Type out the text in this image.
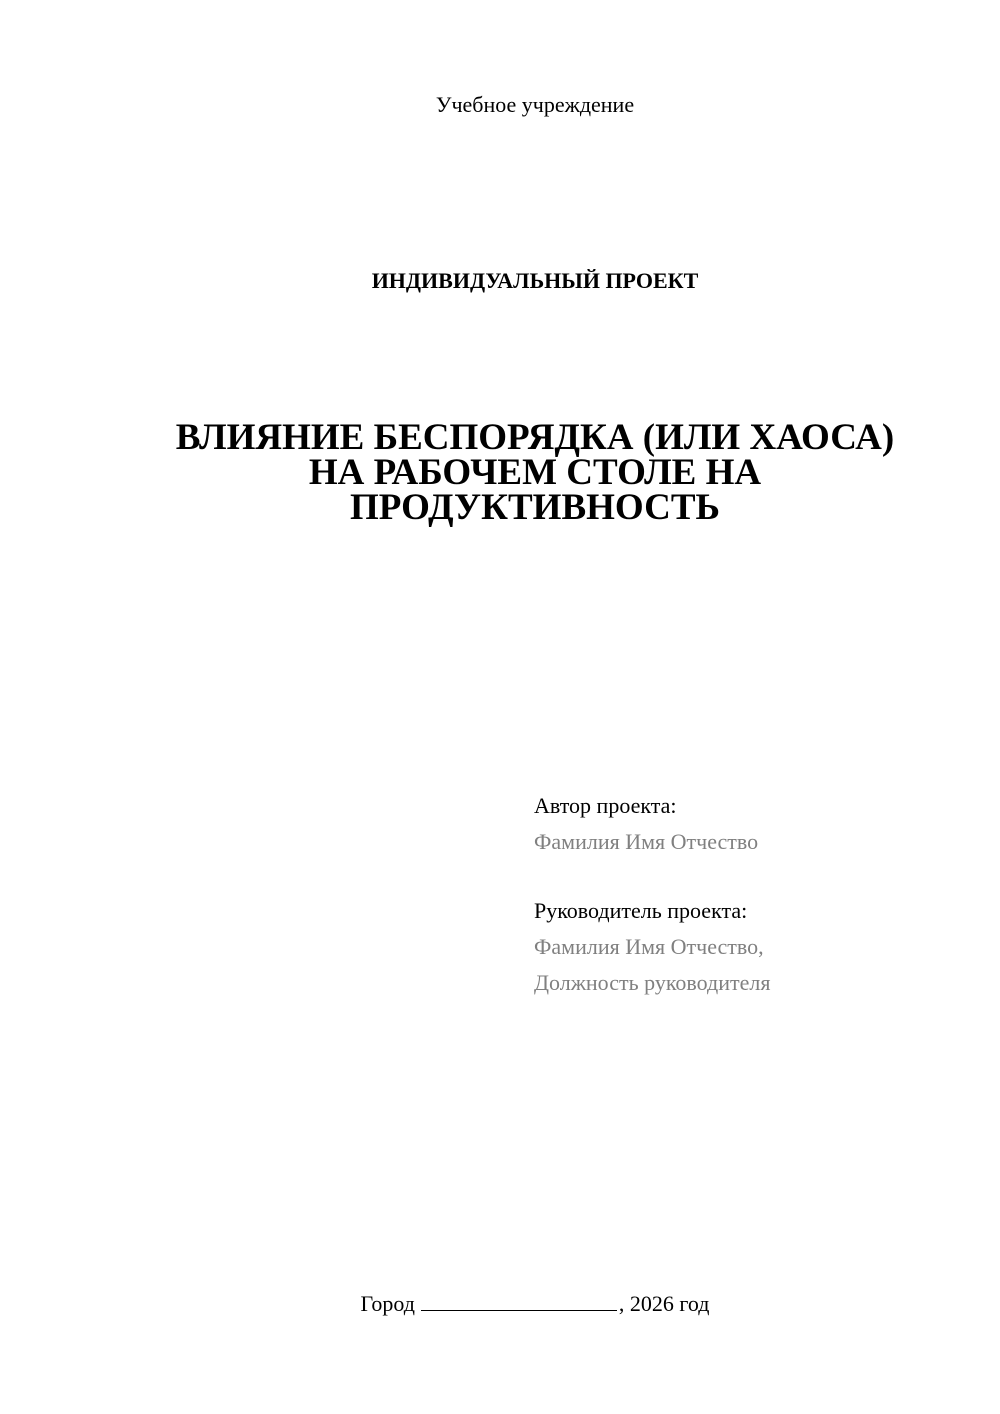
Учебное учреждение
ИНДИВИДУАЛЬНЫЙ ПРОЕКТ
ВЛИЯНИЕ БЕСПОРЯДКА (ИЛИ ХАОСА)
НА РАБОЧЕМ СТОЛЕ НА
ПРОДУКТИВНОСТЬ
Автор проекта:
Фамилия Имя Отчество
Руководитель проекта:
Фамилия Имя Отчество,
Должность руководителя
Город	, 2026 год
